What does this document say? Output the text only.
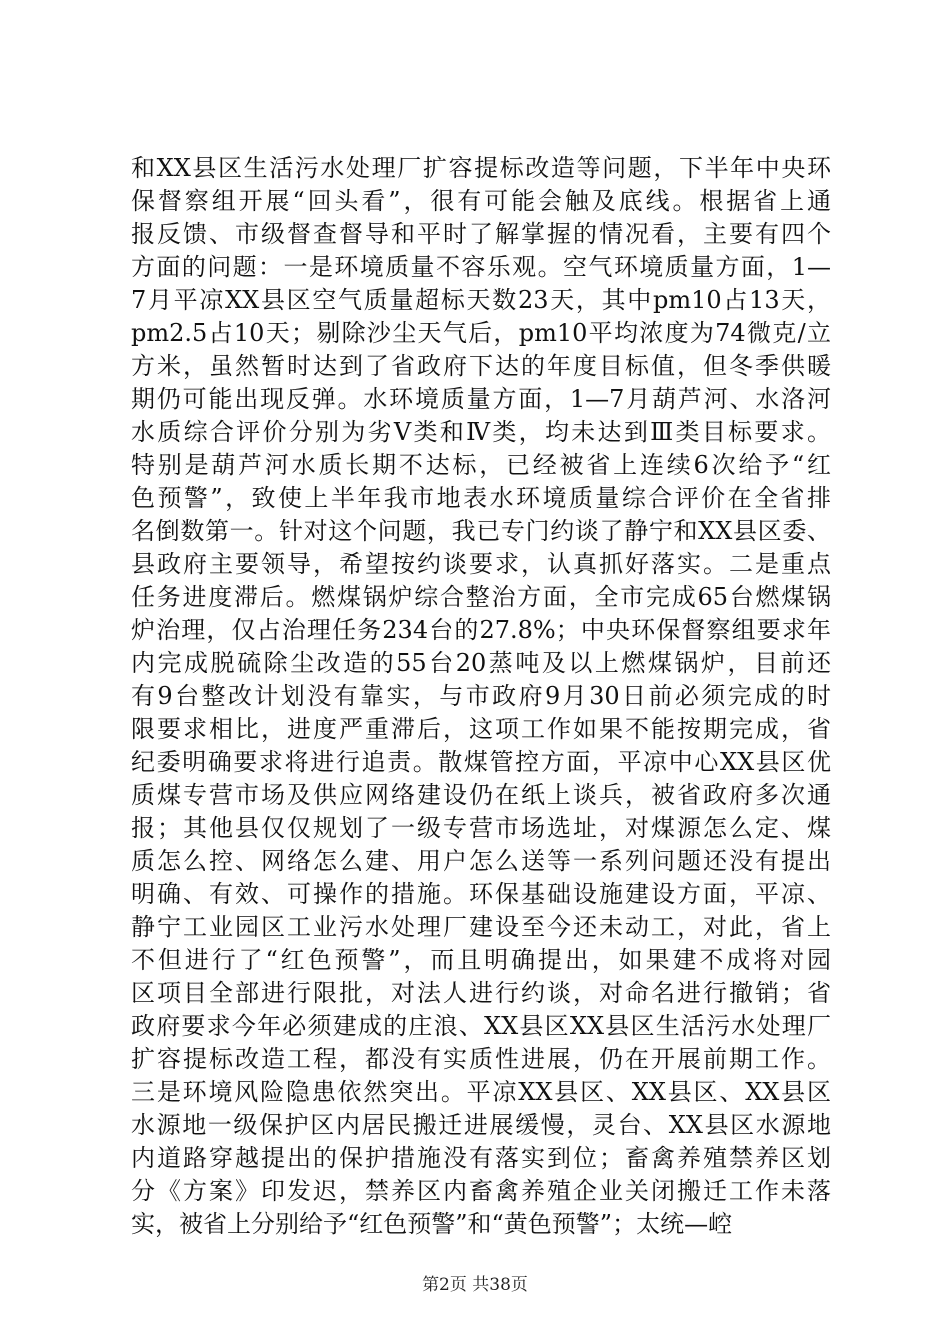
和XX县区生活污水处理厂扩容提标改造等问题，下半年中央环
保督察组开展“回头看”，很有可能会触及底线。根据省上通
报反馈、市级督查督导和平时了解掌握的情况看，主要有四个
方面的问题：一是环境质量不容乐观。空气环境质量方面，1—
7月平凉XX县区空气质量超标天数23天，其中pm10占13天，
pm2.5占10天；剔除沙尘天气后，pm10平均浓度为74微克/立
方米，虽然暂时达到了省政府下达的年度目标值，但冬季供暖
期仍可能出现反弹。水环境质量方面，1—7月葫芦河、水洛河
水质综合评价分别为劣Ⅴ类和Ⅳ类，均未达到Ⅲ类目标要求。
特别是葫芦河水质长期不达标，已经被省上连续6次给予“红
色预警”，致使上半年我市地表水环境质量综合评价在全省排
名倒数第一。针对这个问题，我已专门约谈了静宁和XX县区委、
县政府主要领导，希望按约谈要求，认真抓好落实。二是重点
任务进度滞后。燃煤锅炉综合整治方面，全市完成65台燃煤锅
炉治理，仅占治理任务234台的27.8%；中央环保督察组要求年
内完成脱硫除尘改造的55台20蒸吨及以上燃煤锅炉，目前还
有9台整改计划没有靠实，与市政府9月30日前必须完成的时
限要求相比，进度严重滞后，这项工作如果不能按期完成，省
纪委明确要求将进行追责。散煤管控方面，平凉中心XX县区优
质煤专营市场及供应网络建设仍在纸上谈兵，被省政府多次通
报；其他县仅仅规划了一级专营市场选址，对煤源怎么定、煤
质怎么控、网络怎么建、用户怎么送等一系列问题还没有提出
明确、有效、可操作的措施。环保基础设施建设方面，平凉、
静宁工业园区工业污水处理厂建设至今还未动工，对此，省上
不但进行了“红色预警”，而且明确提出，如果建不成将对园
区项目全部进行限批，对法人进行约谈，对命名进行撤销；省
政府要求今年必须建成的庄浪、XX县区XX县区生活污水处理厂
扩容提标改造工程，都没有实质性进展，仍在开展前期工作。
三是环境风险隐患依然突出。平凉XX县区、XX县区、XX县区
水源地一级保护区内居民搬迁进展缓慢，灵台、XX县区水源地
内道路穿越提出的保护措施没有落实到位；畜禽养殖禁养区划
分《方案》印发迟，禁养区内畜禽养殖企业关闭搬迁工作未落
实，被省上分别给予“红色预警”和“黄色预警”；太统—崆
第2页 共38页
